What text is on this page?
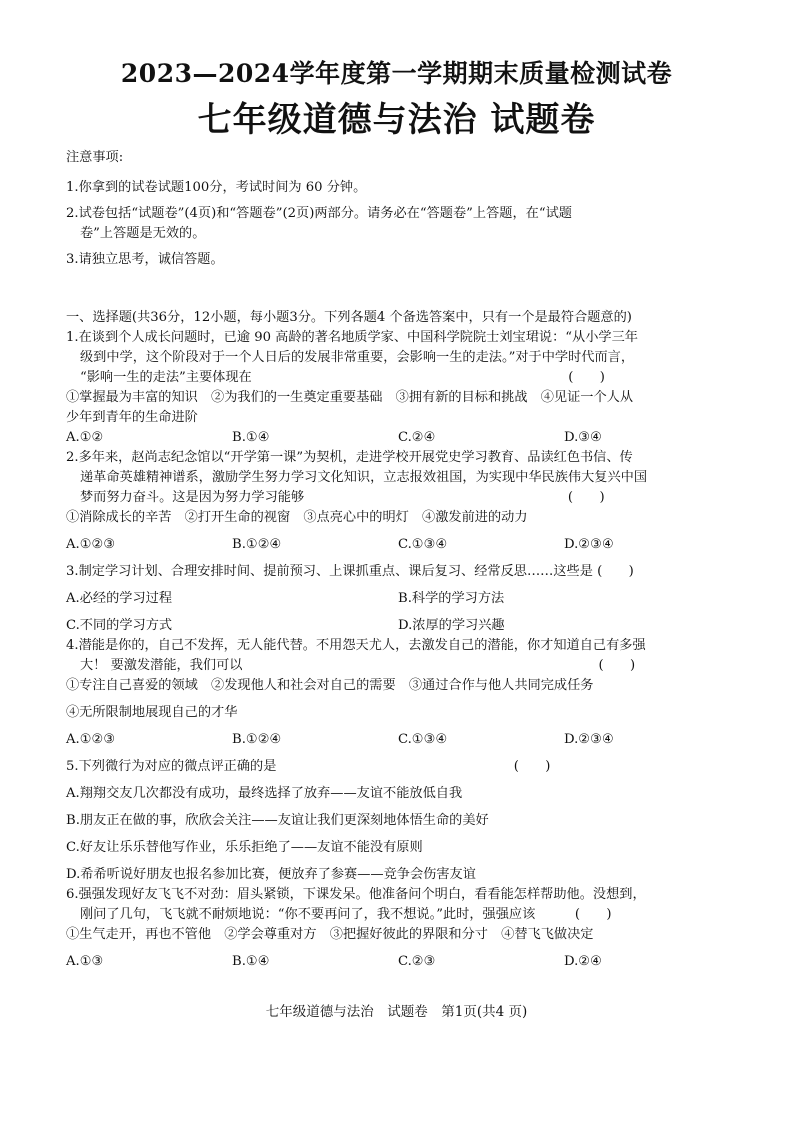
2023—2024学年度第一学期期末质量检测试卷
七年级道德与法治 试题卷

注意事项:

1.你拿到的试卷试题100分，考试时间为 60 分钟。

2.试卷包括“试题卷”(4页)和“答题卷”(2页)两部分。请务必在“答题卷”上答题，在“试题

卷”上答题是无效的。

3.请独立思考，诚信答题。

一、选择题(共36分，12小题，每小题3分。下列各题4 个备选答案中，只有一个是最符合题意的)

1.在谈到个人成长问题时，已逾 90 高龄的著名地质学家、中国科学院院士刘宝珺说：“从小学三年

级到中学，这个阶段对于一个人日后的发展非常重要，会影响一生的走法。”对于中学时代而言，

“影响一生的走法”主要体现在　　　　　　　　　　　　　　　　　　　　　　　　(　　)

①掌握最为丰富的知识　②为我们的一生奠定重要基础　③拥有新的目标和挑战　④见证一个人从

少年到青年的生命进阶

A.①②	B.①④	C.②④	D.③④

2.多年来，赵尚志纪念馆以“开学第一课”为契机，走进学校开展党史学习教育、品读红色书信、传

递革命英雄精神谱系，激励学生努力学习文化知识，立志报效祖国，为实现中华民族伟大复兴中国

梦而努力奋斗。这是因为努力学习能够　　　　　　　　　　　　　　　　　　　　(　　)

①消除成长的辛苦　②打开生命的视窗　③点亮心中的明灯　④激发前进的动力

A.①②③	B.①②④	C.①③④	D.②③④

3.制定学习计划、合理安排时间、提前预习、上课抓重点、课后复习、经常反思……这些是 (　　)

A.必经的学习过程	B.科学的学习方法
C.不同的学习方式	D.浓厚的学习兴趣

4.潜能是你的，自己不发挥，无人能代替。不用怨天尤人，去激发自己的潜能，你才知道自己有多强

大！ 要激发潜能，我们可以　　　　　　　　　　　　　　　　　　　　　　　　　　　(　　)

①专注自己喜爱的领域　②发现他人和社会对自己的需要　③通过合作与他人共同完成任务

④无所限制地展现自己的才华

A.①②③	B.①②④	C.①③④	D.②③④

5.下列微行为对应的微点评正确的是　　　　　　　　　　　　　　　　　　(　　)

A.翔翔交友几次都没有成功，最终选择了放弃——友谊不能放低自我

B.朋友正在做的事，欣欣会关注——友谊让我们更深刻地体悟生命的美好

C.好友让乐乐替他写作业，乐乐拒绝了——友谊不能没有原则

D.希希听说好朋友也报名参加比赛，便放弃了参赛——竞争会伤害友谊

6.强强发现好友飞飞不对劲：眉头紧锁，下课发呆。他准备问个明白，看看能怎样帮助他。没想到，

刚问了几句，飞飞就不耐烦地说：“你不要再问了，我不想说。”此时，强强应该　　　(　　)

①生气走开，再也不管他　②学会尊重对方　③把握好彼此的界限和分寸　④替飞飞做决定

A.①③	B.①④	C.②③	D.②④
七年级道德与法治　试题卷　第1页(共4 页)
